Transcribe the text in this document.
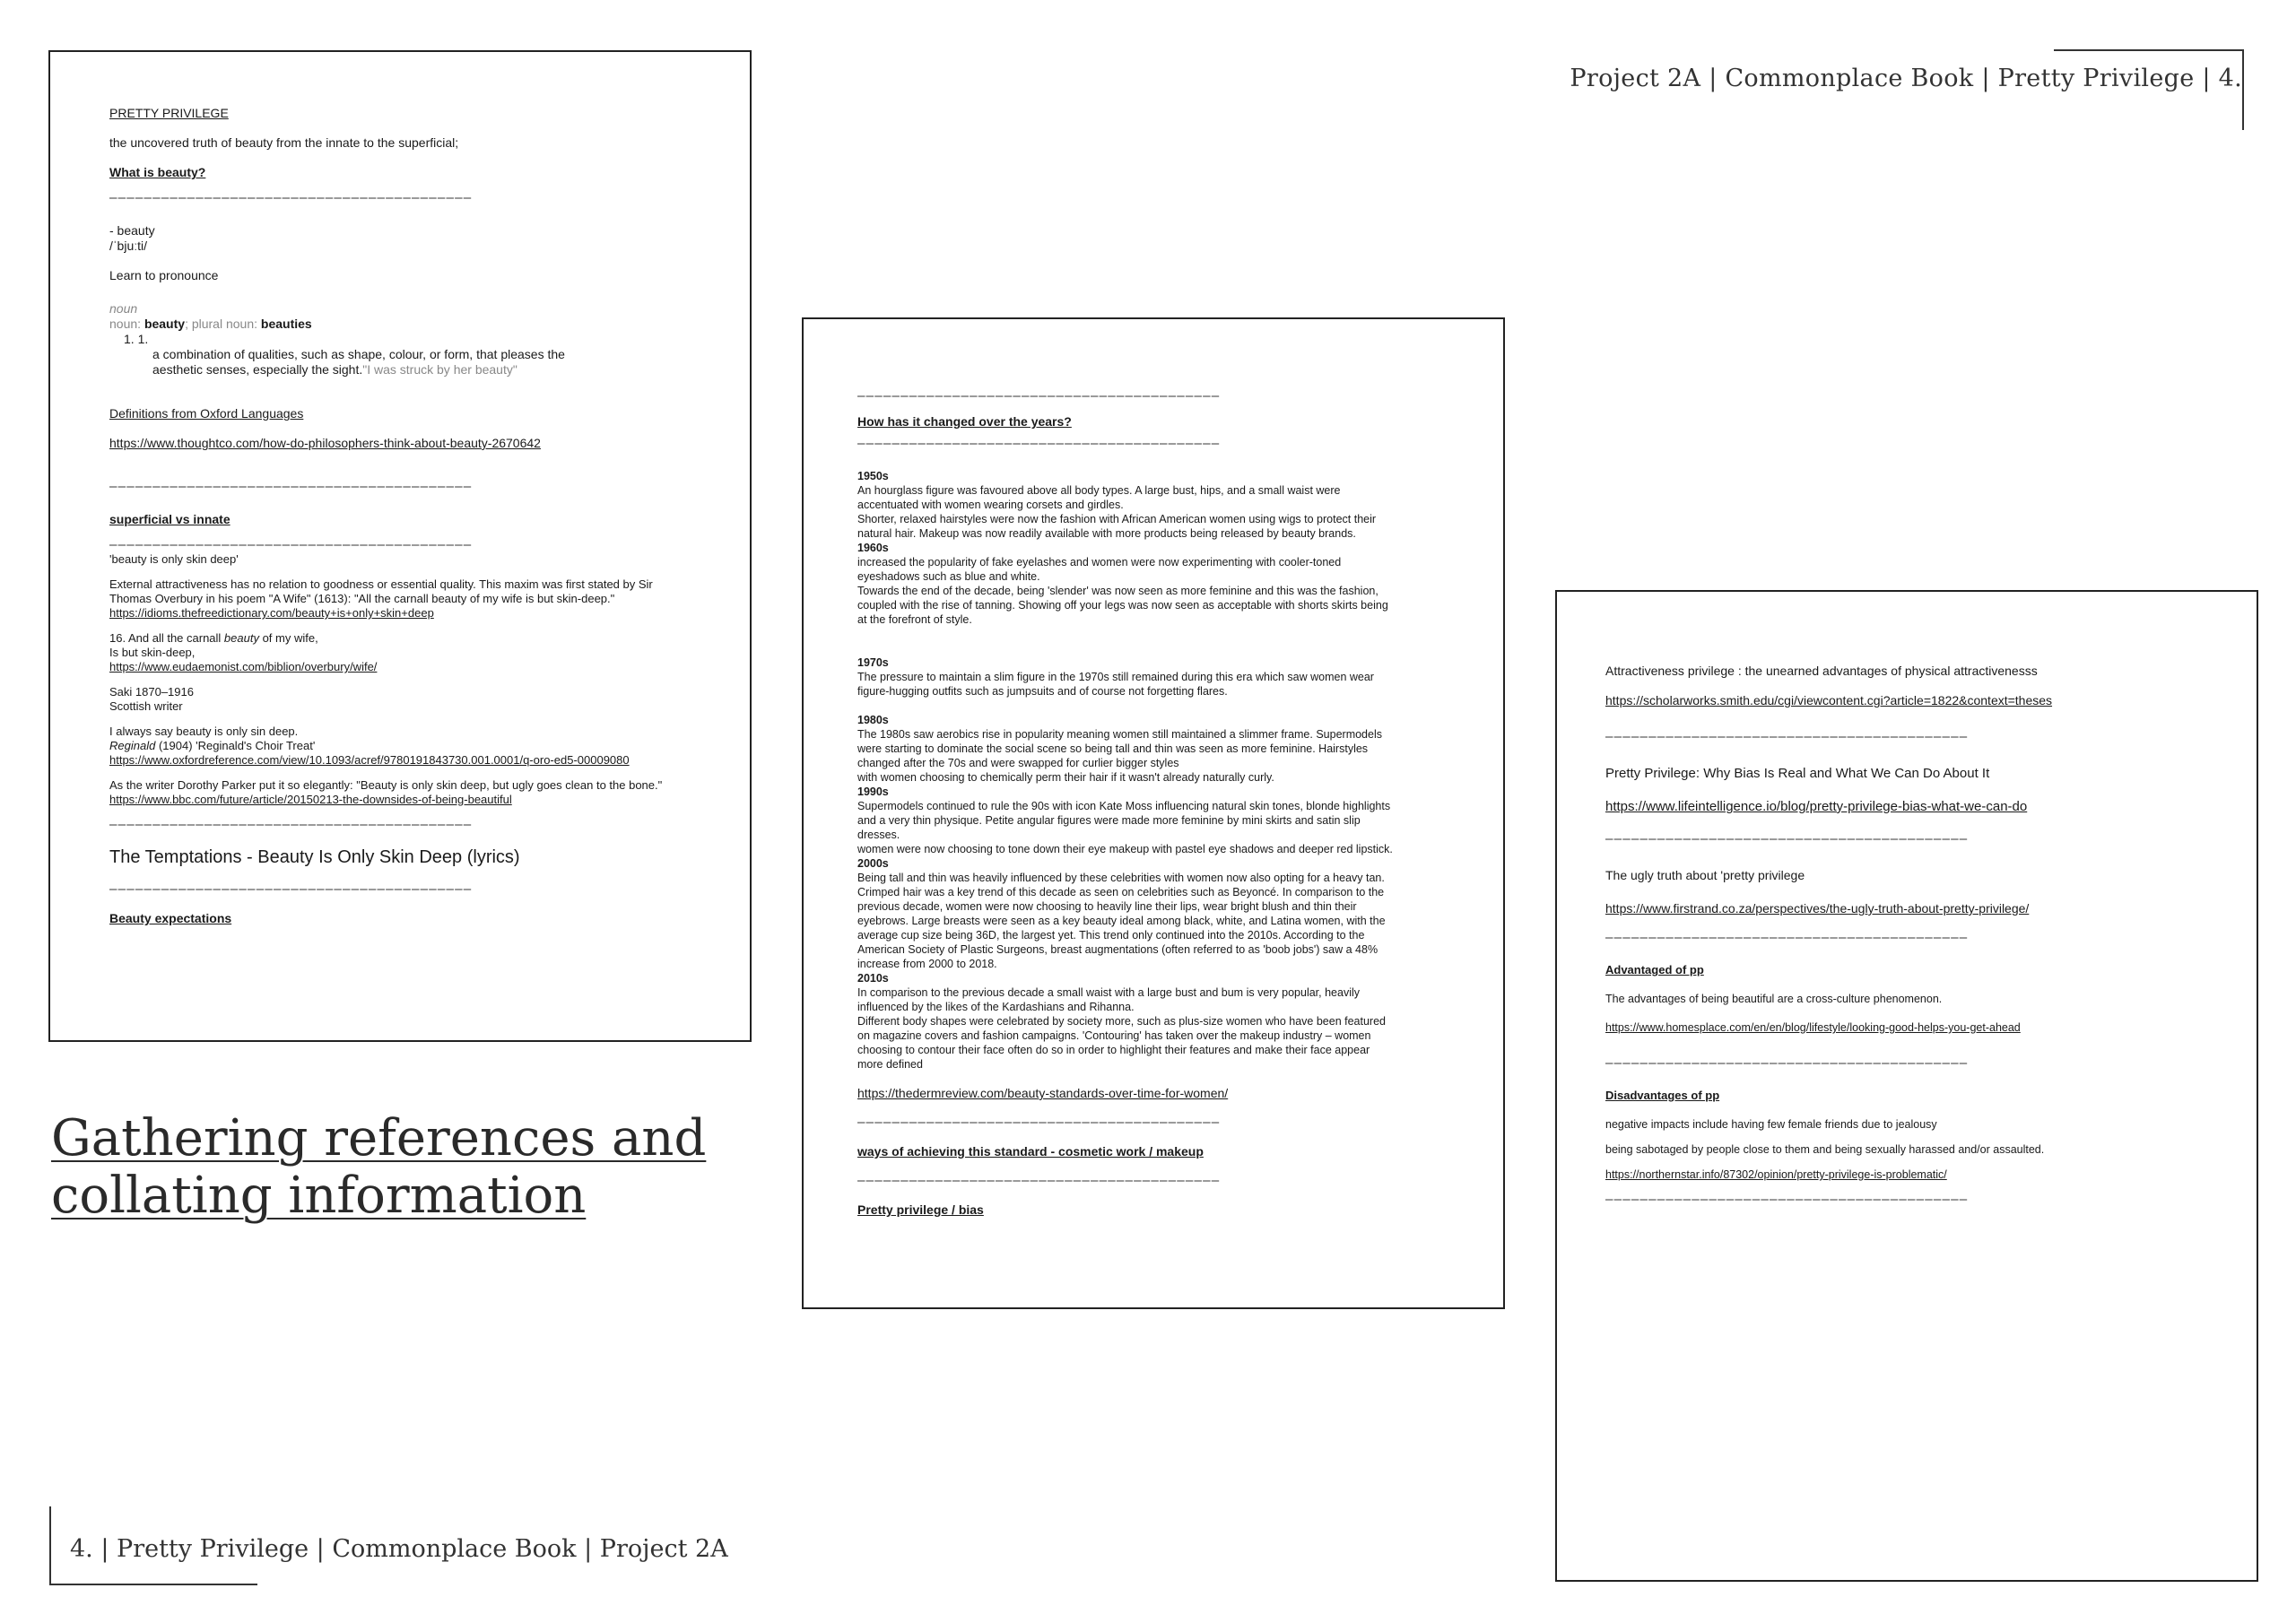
Project 2A | Commonplace Book | Pretty Privilege | 4.
4. | Pretty Privilege | Commonplace Book | Project 2A
Gathering references and
collating information
PRETTY PRIVILEGE
the uncovered truth of beauty from the innate to the superficial;
What is beauty?
——————————————————————————————————————————
- beauty
/ˈbjuːti/
Learn to pronounce
noun
noun: beauty; plural noun: beauties
1. 1.
a combination of qualities, such as shape, colour, or form, that pleases the
aesthetic senses, especially the sight."I was struck by her beauty"
Definitions from Oxford Languages
https://www.thoughtco.com/how-do-philosophers-think-about-beauty-2670642
——————————————————————————————————————————
superficial vs innate
——————————————————————————————————————————
'beauty is only skin deep'
External attractiveness has no relation to goodness or essential quality. This maxim was first stated by Sir
Thomas Overbury in his poem "A Wife" (1613): "All the carnall beauty of my wife is but skin-deep."
https://idioms.thefreedictionary.com/beauty+is+only+skin+deep
16. And all the carnall beauty of my wife,
Is but skin-deep,
https://www.eudaemonist.com/biblion/overbury/wife/
Saki 1870–1916
Scottish writer
I always say beauty is only sin deep.
Reginald (1904) 'Reginald's Choir Treat'
https://www.oxfordreference.com/view/10.1093/acref/9780191843730.001.0001/q-oro-ed5-00009080
As the writer Dorothy Parker put it so elegantly: "Beauty is only skin deep, but ugly goes clean to the bone."
https://www.bbc.com/future/article/20150213-the-downsides-of-being-beautiful
——————————————————————————————————————————
The Temptations - Beauty Is Only Skin Deep (lyrics)
——————————————————————————————————————————
Beauty expectations
——————————————————————————————————————————
How has it changed over the years?
——————————————————————————————————————————
1950s
An hourglass figure was favoured above all body types. A large bust, hips, and a small waist were
accentuated with women wearing corsets and girdles.
Shorter, relaxed hairstyles were now the fashion with African American women using wigs to protect their
natural hair. Makeup was now readily available with more products being released by beauty brands.
1960s
increased the popularity of fake eyelashes and women were now experimenting with cooler-toned
eyeshadows such as blue and white.
Towards the end of the decade, being 'slender' was now seen as more feminine and this was the fashion,
coupled with the rise of tanning. Showing off your legs was now seen as acceptable with shorts skirts being
at the forefront of style.
1970s
The pressure to maintain a slim figure in the 1970s still remained during this era which saw women wear
figure-hugging outfits such as jumpsuits and of course not forgetting flares.
1980s
The 1980s saw aerobics rise in popularity meaning women still maintained a slimmer frame. Supermodels
were starting to dominate the social scene so being tall and thin was seen as more feminine. Hairstyles
changed after the 70s and were swapped for curlier bigger styles
with women choosing to chemically perm their hair if it wasn't already naturally curly.
1990s
Supermodels continued to rule the 90s with icon Kate Moss influencing natural skin tones, blonde highlights
and a very thin physique. Petite angular figures were made more feminine by mini skirts and satin slip
dresses.
women were now choosing to tone down their eye makeup with pastel eye shadows and deeper red lipstick.
2000s
Being tall and thin was heavily influenced by these celebrities with women now also opting for a heavy tan.
Crimped hair was a key trend of this decade as seen on celebrities such as Beyoncé. In comparison to the
previous decade, women were now choosing to heavily line their lips, wear bright blush and thin their
eyebrows. Large breasts were seen as a key beauty ideal among black, white, and Latina women, with the
average cup size being 36D, the largest yet. This trend only continued into the 2010s. According to the
American Society of Plastic Surgeons, breast augmentations (often referred to as 'boob jobs') saw a 48%
increase from 2000 to 2018.
2010s
In comparison to the previous decade a small waist with a large bust and bum is very popular, heavily
influenced by the likes of the Kardashians and Rihanna.
Different body shapes were celebrated by society more, such as plus-size women who have been featured
on magazine covers and fashion campaigns. 'Contouring' has taken over the makeup industry – women
choosing to contour their face often do so in order to highlight their features and make their face appear
more defined
https://thedermreview.com/beauty-standards-over-time-for-women/
——————————————————————————————————————————
ways of achieving this standard - cosmetic work / makeup
——————————————————————————————————————————
Pretty privilege / bias
Attractiveness privilege : the unearned advantages of physical attractivenesss
https://scholarworks.smith.edu/cgi/viewcontent.cgi?article=1822&context=theses
——————————————————————————————————————————
Pretty Privilege: Why Bias Is Real and What We Can Do About It
https://www.lifeintelligence.io/blog/pretty-privilege-bias-what-we-can-do
——————————————————————————————————————————
The ugly truth about 'pretty privilege
https://www.firstrand.co.za/perspectives/the-ugly-truth-about-pretty-privilege/
——————————————————————————————————————————
Advantaged of pp
The advantages of being beautiful are a cross-culture phenomenon.
https://www.homesplace.com/en/en/blog/lifestyle/looking-good-helps-you-get-ahead
——————————————————————————————————————————
Disadvantages of pp
negative impacts include having few female friends due to jealousy
being sabotaged by people close to them and being sexually harassed and/or assaulted.
https://northernstar.info/87302/opinion/pretty-privilege-is-problematic/
——————————————————————————————————————————
